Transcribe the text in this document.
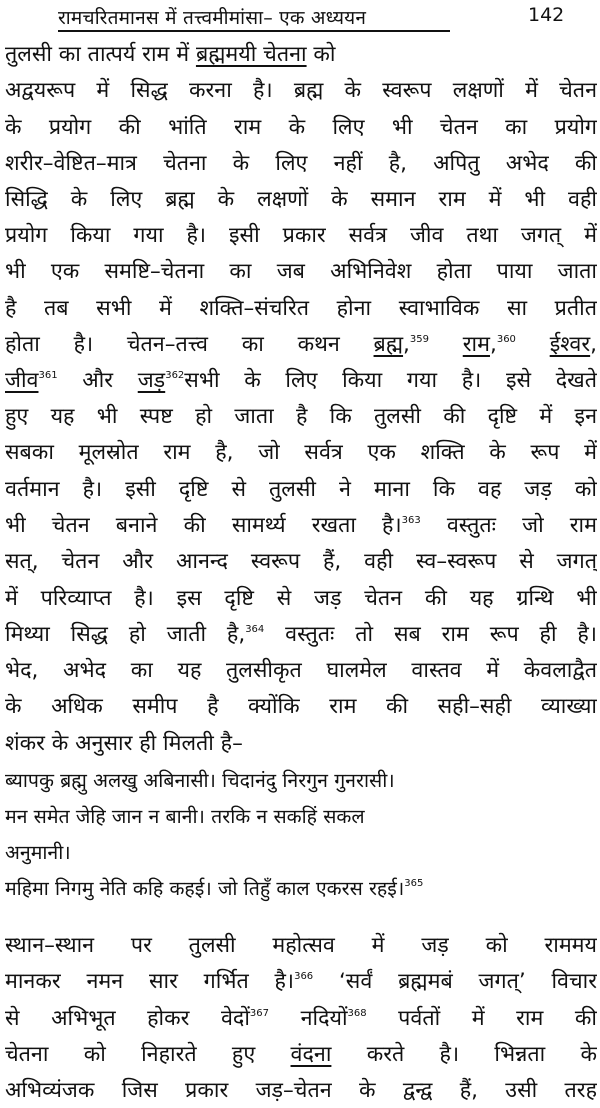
रामचरितमानस में तत्त्वमीमांसा– एक अध्ययन	142
तुलसी का तात्पर्य राम में ब्रह्ममयी चेतना को
अद्वयरूप में सिद्ध करना है। ब्रह्म के स्वरूप लक्षणों में चेतन
के प्रयोग की भांति राम के लिए भी चेतन का प्रयोग
शरीर–वेष्टित–मात्र चेतना के लिए नहीं है, अपितु अभेद की
सिद्धि के लिए ब्रह्म के लक्षणों के समान राम में भी वही
प्रयोग किया गया है। इसी प्रकार सर्वत्र जीव तथा जगत् में
भी एक समष्टि–चेतना का जब अभिनिवेश होता पाया जाता
है तब सभी में शक्ति–संचरित होना स्वाभाविक सा प्रतीत
होता है। चेतन–तत्त्व का कथन ब्रह्म,$^{359}$ राम,$^{360}$ ईश्वर,
जीव$^{361}$ और जड़$^{362}$सभी के लिए किया गया है। इसे देखते
हुए यह भी स्पष्ट हो जाता है कि तुलसी की दृष्टि में इन
सबका मूलस्रोत राम है, जो सर्वत्र एक शक्ति के रूप में
वर्तमान है। इसी दृष्टि से तुलसी ने माना कि वह जड़ को
भी चेतन बनाने की सामर्थ्य रखता है।$^{363}$ वस्तुतः जो राम
सत्, चेतन और आनन्द स्वरूप हैं, वही स्व–स्वरूप से जगत्
में परिव्याप्त है। इस दृष्टि से जड़ चेतन की यह ग्रन्थि भी
मिथ्या सिद्ध हो जाती है,$^{364}$ वस्तुतः तो सब राम रूप ही है।
भेद, अभेद का यह तुलसीकृत घालमेल वास्तव में केवलाद्वैत
के अधिक समीप है क्योंकि राम की सही–सही व्याख्या
शंकर के अनुसार ही मिलती है–
ब्यापकु ब्रह्मु अलखु अबिनासी। चिदानंदु निरगुन गुनरासी।
मन समेत जेहि जान न बानी। तरकि न सकहिं सकल
अनुमानी।
महिमा निगमु नेति कहि कहई। जो तिहुँ काल एकरस रहई।$^{365}$
स्थान–स्थान पर तुलसी महोत्सव में जड़ को राममय
मानकर नमन सार गर्भित है।$^{366}$ ‘सर्वं ब्रह्ममबं जगत्’ विचार
से अभिभूत होकर वेदों$^{367}$ नदियों$^{368}$ पर्वतों में राम की
चेतना को निहारते हुए वंदना करते है। भिन्नता के
अभिव्यंजक जिस प्रकार जड़–चेतन के द्वन्द्व हैं, उसी तरह
